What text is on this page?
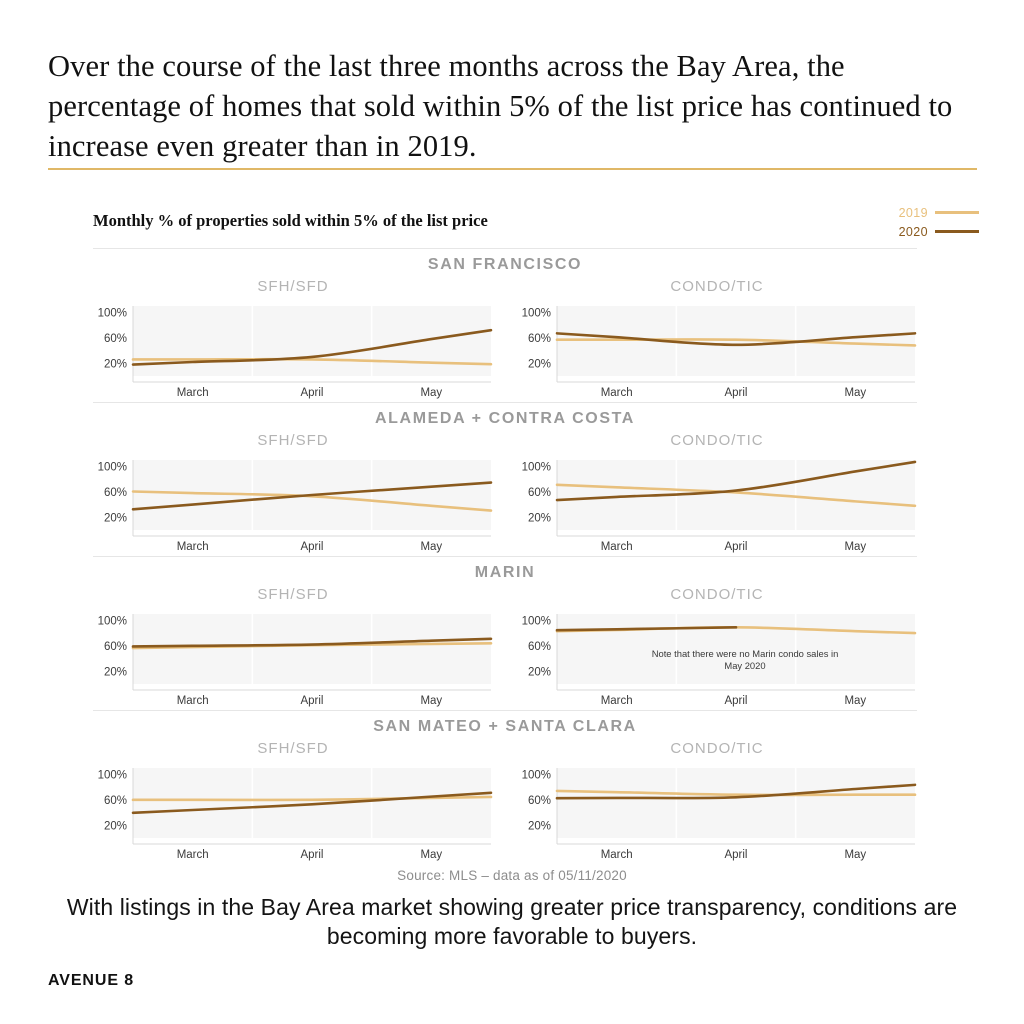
Over the course of the last three months across the Bay Area, the percentage of homes that sold within 5% of the list price has continued to increase even greater than in 2019.
Monthly % of properties sold within 5% of the list price	2019
2020
SAN FRANCISCO
SFH/SFD
20%
60%
100%
March	April	May
CONDO/TIC
20%
60%
100%
March	April	May
ALAMEDA + CONTRA COSTA
SFH/SFD
20%
60%
100%
March	April	May
CONDO/TIC
20%
60%
100%
March	April	May
MARIN
SFH/SFD
20%
60%
100%
March	April	May
CONDO/TIC
20%
60%
100%
March	April	May
Note that there were no Marin condo sales in May 2020
SAN MATEO + SANTA CLARA
SFH/SFD
20%
60%
100%
March	April	May
CONDO/TIC
20%
60%
100%
March	April	May
Source: MLS – data as of 05/11/2020
With listings in the Bay Area market showing greater price transparency, conditions are becoming more favorable to buyers.
AVENUE 8
